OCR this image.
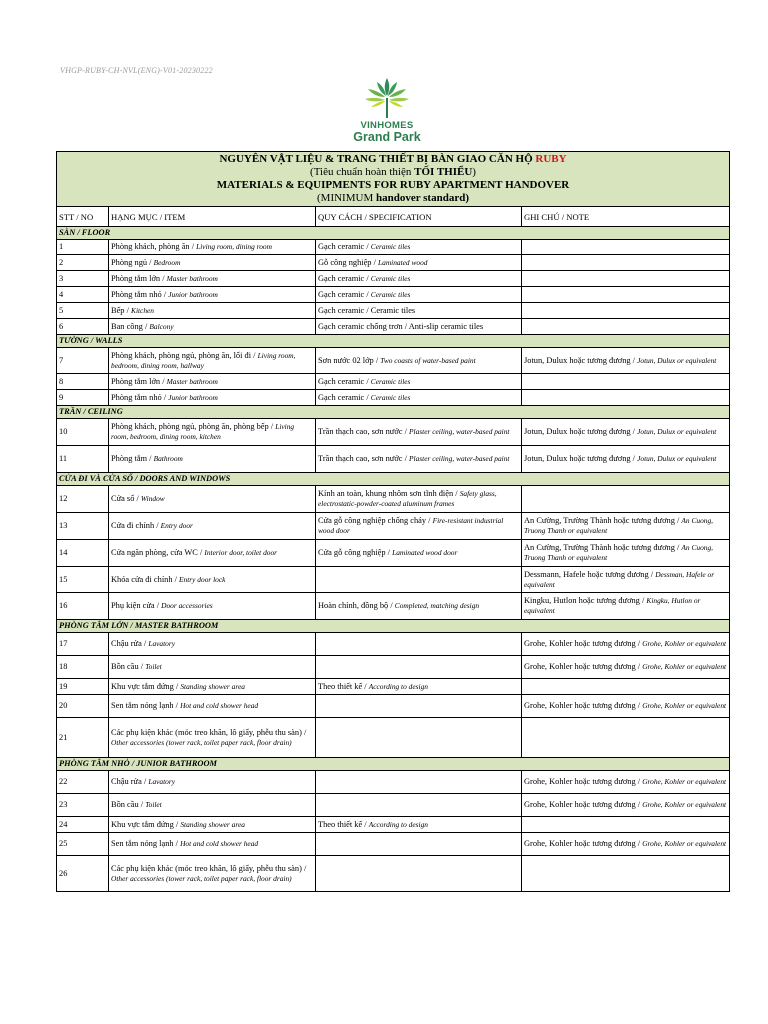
VHGP-RUBY-CH-NVL(ENG)-V01-20230222
VINHOMES
Grand Park
NGUYÊN VẬT LIỆU & TRANG THIẾT BỊ BÀN GIAO CĂN HỘ RUBY
(Tiêu chuẩn hoàn thiện TỐI THIỂU)
MATERIALS & EQUIPMENTS FOR RUBY APARTMENT HANDOVER
(MINIMUM handover standard)			

STT / NO	HẠNG MỤC / ITEM	QUY CÁCH / SPECIFICATION	GHI CHÚ / NOTE
SÀN / FLOOR			
1	Phòng khách, phòng ăn / Living room, dining room	Gạch ceramic / Ceramic tiles	
2	Phòng ngủ / Bedroom	Gỗ công nghiệp / Laminated wood	
3	Phòng tắm lớn / Master bathroom	Gạch ceramic / Ceramic tiles	
4	Phòng tắm nhỏ / Junior bathroom	Gạch ceramic / Ceramic tiles	
5	Bếp / Kitchen	Gạch ceramic / Ceramic tiles	
6	Ban công / Balcony	Gạch ceramic chống trơn / Anti-slip ceramic tiles	
TƯỜNG / WALLS			
7	Phòng khách, phòng ngủ, phòng ăn, lối đi / Living room, bedroom, dining room, hallway	Sơn nước 02 lớp / Two coasts of water-based paint	Jotun, Dulux hoặc tương đương / Jotun, Dulux or equivalent
8	Phòng tắm lớn / Master bathroom	Gạch ceramic / Ceramic tiles	
9	Phòng tắm nhỏ / Junior bathroom	Gạch ceramic / Ceramic tiles	
TRẦN / CEILING			
10	Phòng khách, phòng ngủ, phòng ăn, phòng bếp / Living room, bedroom, dining room, kitchen	Trần thạch cao, sơn nước / Plaster ceiling, water-based paint	Jotun, Dulux hoặc tương đương / Jotun, Dulux or equivalent
11	Phòng tắm / Bathroom	Trần thạch cao, sơn nước / Plaster ceiling, water-based paint	Jotun, Dulux hoặc tương đương / Jotun, Dulux or equivalent
CỬA ĐI VÀ CỬA SỔ / DOORS AND WINDOWS			
12	Cửa sổ / Window	Kính an toàn, khung nhôm sơn tĩnh điện / Safety glass, electrostatic-powder-coated aluminum frames	
13	Cửa đi chính / Entry door	Cửa gỗ công nghiệp chống cháy / Fire-resistant industrial wood door	An Cường, Trường Thành hoặc tương đương / An Cuong, Truong Thanh or equivalent
14	Cửa ngăn phòng, cửa WC / Interior door, toilet door	Cửa gỗ công nghiệp / Laminated wood door	An Cường, Trường Thành hoặc tương đương / An Cuong, Truong Thanh or equivalent
15	Khóa cửa đi chính / Entry door lock		Dessmann, Hafele hoặc tương đương / Dessman, Hafele or equivalent
16	Phụ kiện cửa / Door accessories	Hoàn chỉnh, đồng bộ / Completed, matching design	Kingku, Hutlon hoặc tương đương / Kingku, Hutlon or equivalent
PHÒNG TẮM LỚN / MASTER BATHROOM			
17	Chậu rửa / Lavatory		Grohe, Kohler hoặc tương đương / Grohe, Kohler or equivalent
18	Bồn cầu / Toilet		Grohe, Kohler hoặc tương đương / Grohe, Kohler or equivalent
19	Khu vực tắm đứng / Standing shower area	Theo thiết kế / According to design	
20	Sen tắm nóng lạnh / Hot and cold shower head		Grohe, Kohler hoặc tương đương / Grohe, Kohler or equivalent
21	Các phụ kiện khác (móc treo khăn, lô giấy, phễu thu sàn) / Other accessories (tower rack, toilet paper rack, floor drain)		
PHÒNG TẮM NHỎ / JUNIOR BATHROOM			
22	Chậu rửa / Lavatory		Grohe, Kohler hoặc tương đương / Grohe, Kohler or equivalent
23	Bồn cầu / Toilet		Grohe, Kohler hoặc tương đương / Grohe, Kohler or equivalent
24	Khu vực tắm đứng / Standing shower area	Theo thiết kế / According to design	
25	Sen tắm nóng lạnh / Hot and cold shower head		Grohe, Kohler hoặc tương đương / Grohe, Kohler or equivalent
26	Các phụ kiện khác (móc treo khăn, lô giấy, phễu thu sàn) / Other accessories (tower rack, toilet paper rack, floor drain)		
